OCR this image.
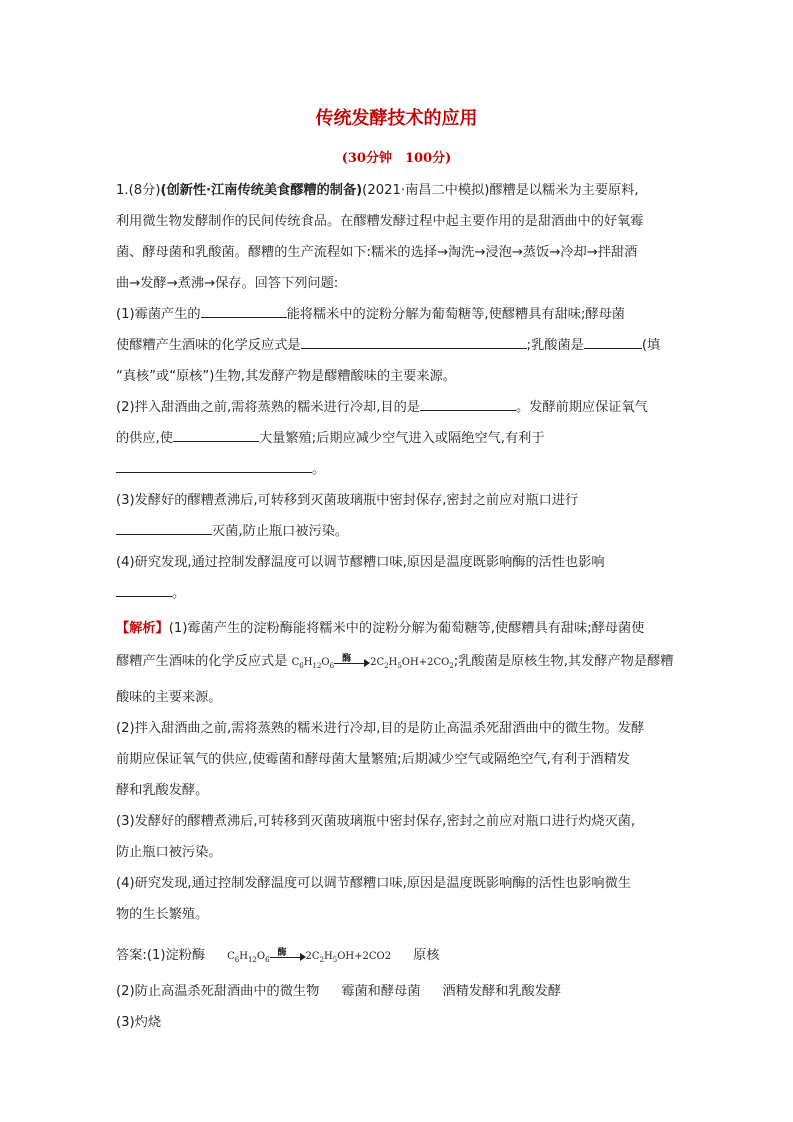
传统发酵技术的应用
(30分钟　100分)

1.(8分)(创新性·江南传统美食醪糟的制备)(2021·南昌二中模拟)醪糟是以糯米为主要原料,

利用微生物发酵制作的民间传统食品。在醪糟发酵过程中起主要作用的是甜酒曲中的好氧霉

菌、酵母菌和乳酸菌。醪糟的生产流程如下:糯米的选择→淘洗→浸泡→蒸饭→冷却→拌甜酒

曲→发酵→煮沸→保存。回答下列问题:

(1)霉菌产生的	能将糯米中的淀粉分解为葡萄糖等,使醪糟具有甜味;酵母菌

使醪糟产生酒味的化学反应式是	;乳酸菌是	(填

“真核”或“原核”)生物,其发酵产物是醪糟酸味的主要来源。

(2)拌入甜酒曲之前,需将蒸熟的糯米进行冷却,目的是	。发酵前期应保证氧气

的供应,使	大量繁殖;后期应减少空气进入或隔绝空气,有利于

。

(3)发酵好的醪糟煮沸后,可转移到灭菌玻璃瓶中密封保存,密封之前应对瓶口进行

灭菌,防止瓶口被污染。

(4)研究发现,通过控制发酵温度可以调节醪糟口味,原因是温度既影响酶的活性也影响

。

【解析】(1)霉菌产生的淀粉酶能将糯米中的淀粉分解为葡萄糖等,使醪糟具有甜味;酵母菌使

醪糟产生酒味的化学反应式是 $C_6H_{12}O_6$
酶 $2C_2H_5OH+2CO_2$;乳酸菌是原核生物,其发酵产物是醪糟

酸味的主要来源。

(2)拌入甜酒曲之前,需将蒸熟的糯米进行冷却,目的是防止高温杀死甜酒曲中的微生物。发酵

前期应保证氧气的供应,使霉菌和酵母菌大量繁殖;后期减少空气或隔绝空气,有利于酒精发

酵和乳酸发酵。

(3)发酵好的醪糟煮沸后,可转移到灭菌玻璃瓶中密封保存,密封之前应对瓶口进行灼烧灭菌,

防止瓶口被污染。

(4)研究发现,通过控制发酵温度可以调节醪糟口味,原因是温度既影响酶的活性也影响微生

物的生长繁殖。

答案:(1)淀粉酶 $C_6H_{12}O_6$
酶 $2C_2H_5OH+2CO2$ 原核

(2)防止高温杀死甜酒曲中的微生物 霉菌和酵母菌 酒精发酵和乳酸发酵

(3)灼烧
